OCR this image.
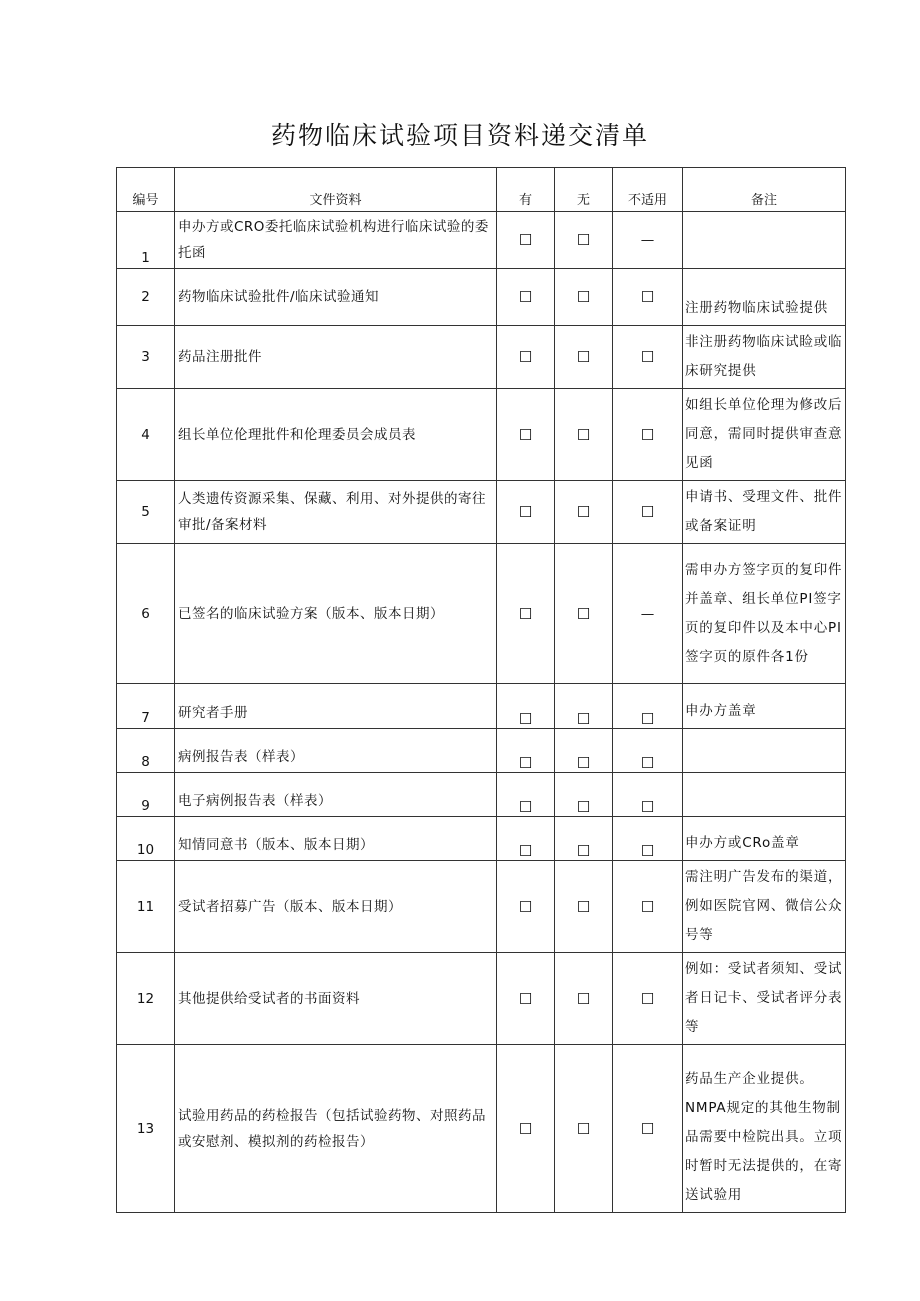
药物临床试验项目资料递交清单
编号	文件资料	有	无	不适用	备注
1	申办方或CRO委托临床试验机构进行临床试验的委托函	☐	☐	—	
2	药物临床试验批件/临床试验通知	☐	☐	☐	注册药物临床试验提供
3	药品注册批件	☐	☐	☐	非注册药物临床试睑或临床研究提供
4	组长单位伦理批件和伦理委员会成员表	☐	☐	☐	如组长单位伦理为修改后同意，需同时提供审查意见函
5	人类遗传资源采集、保藏、利用、对外提供的寄往审批/备案材料	☐	☐	☐	申请书、受理文件、批件或备案证明
6	已签名的临床试验方案（版本、版本日期）	☐	☐	—	需申办方签字页的复印件并盖章、组长单位PI签字页的复印件以及本中心PI签字页的原件各1份
7	研究者手册	☐	☐	☐	申办方盖章
8	病例报告表（样表）	☐	☐	☐	
9	电子病例报告表（样表）	☐	☐	☐	
10	知情同意书（版本、版本日期）	☐	☐	☐	申办方或CRo盖章
11	受试者招募广告（版本、版本日期）	☐	☐	☐	需注明广告发布的渠道，例如医院官网、微信公众号等
12	其他提供给受试者的书面资料	☐	☐	☐	例如：受试者须知、受试者日记卡、受试者评分表等
13	试验用药品的药检报告（包括试验药物、对照药品或安慰剂、模拟剂的药检报告）	☐	☐	☐	药品生产企业提供。NMPA规定的其他生物制品需要中检院出具。立项时暂时无法提供的，在寄送试验用
